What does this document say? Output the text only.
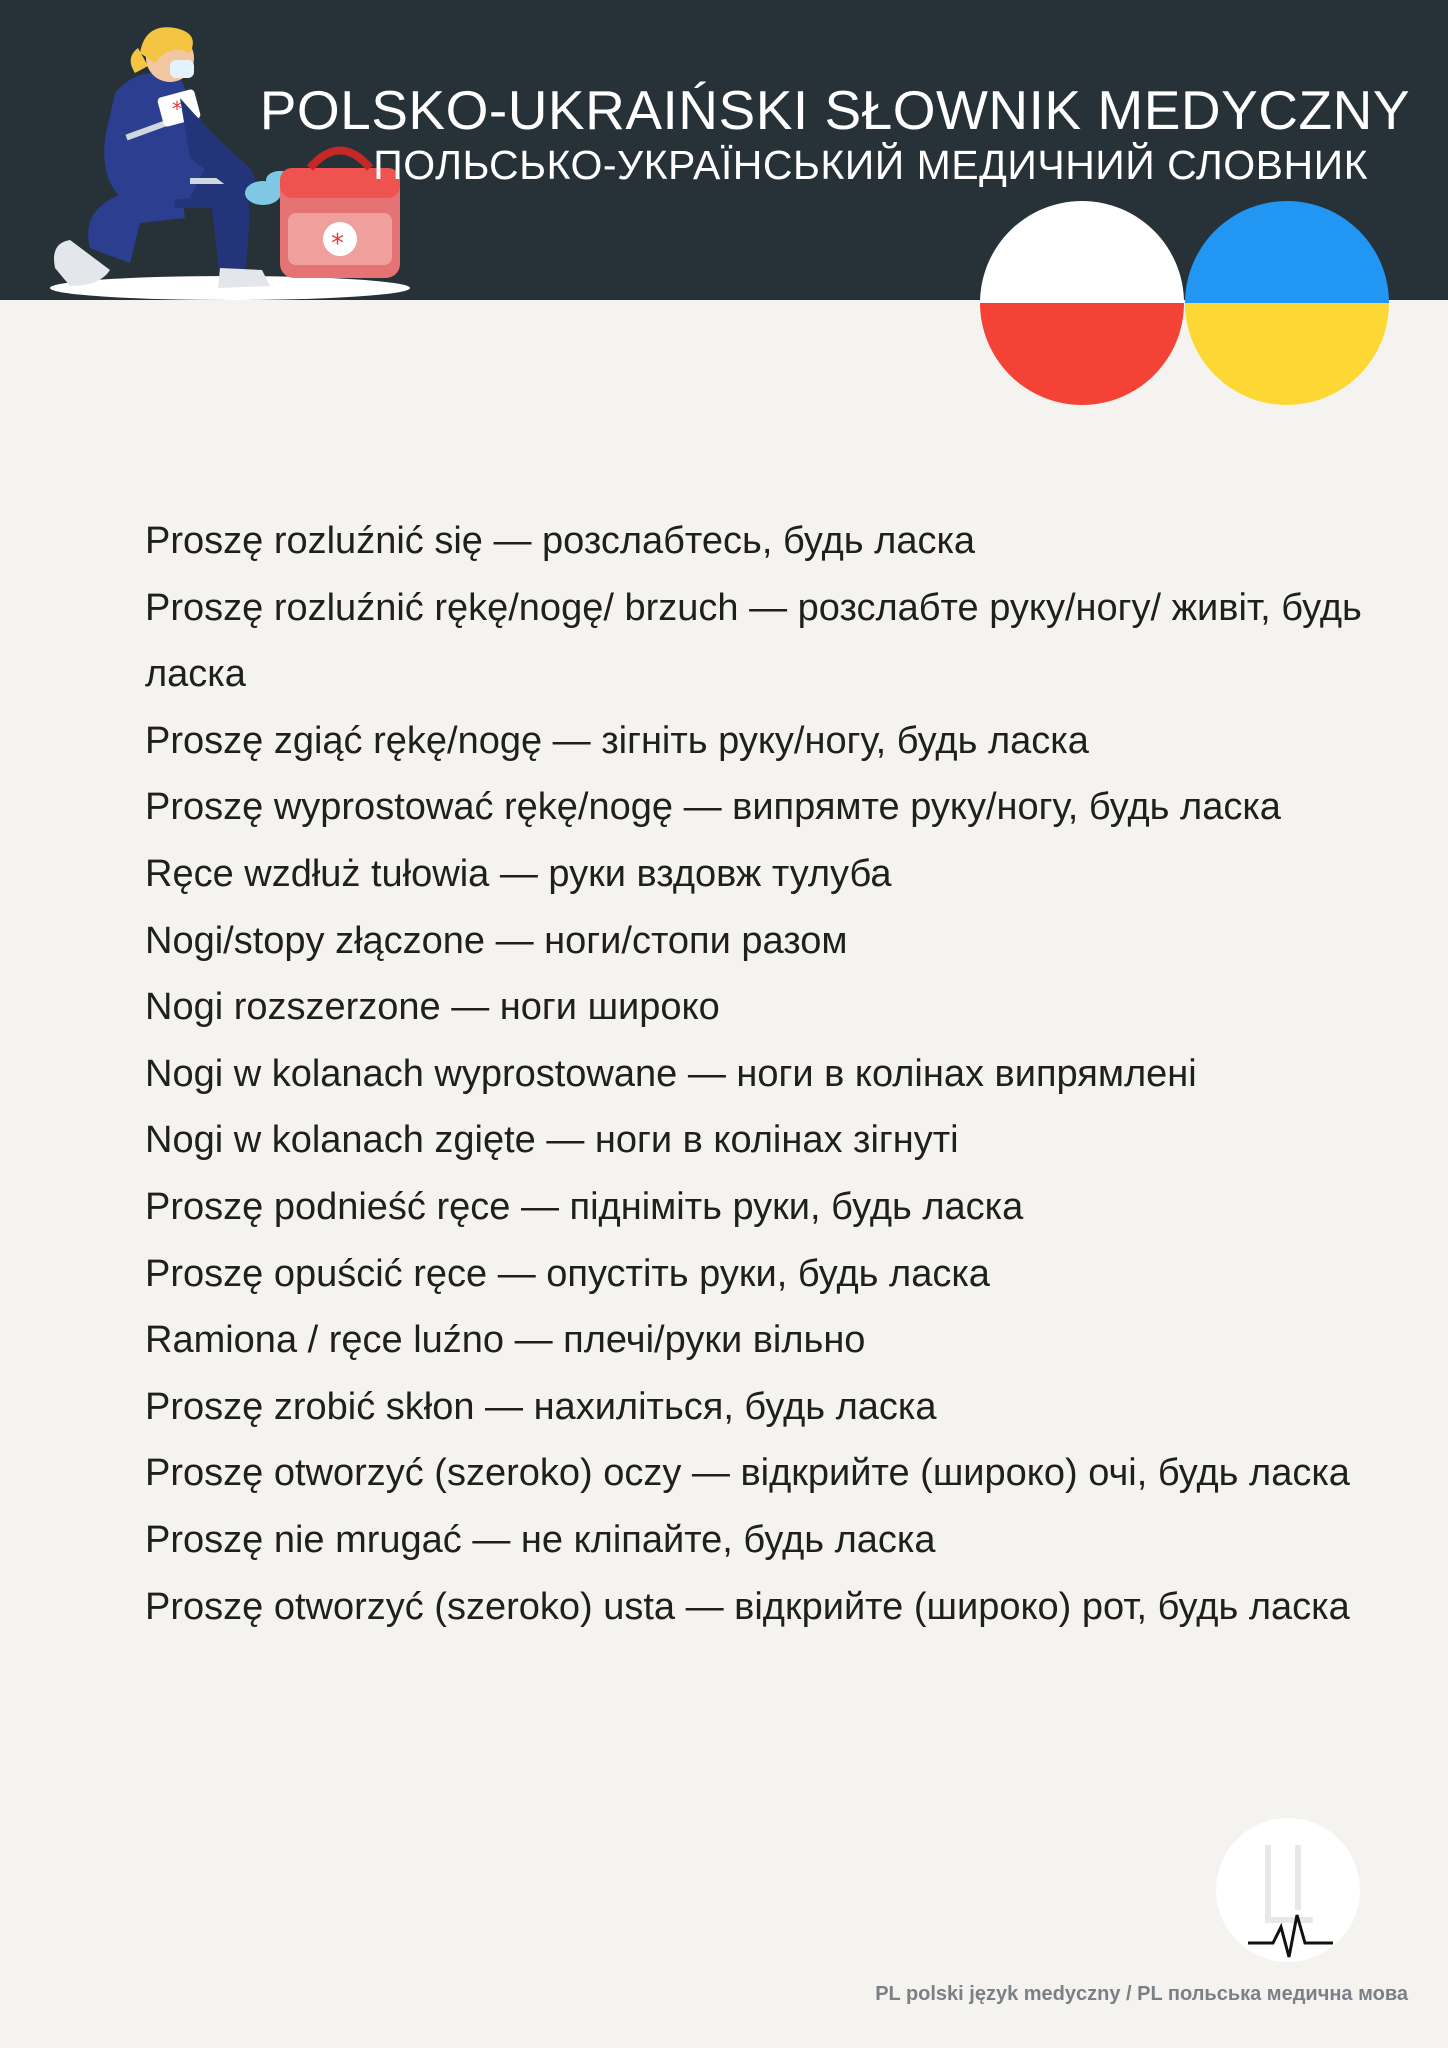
*
*
POLSKO-UKRAIŃSKI SŁOWNIK MEDYCZNY
ПОЛЬСЬКО-УКРАЇНСЬКИЙ МЕДИЧНИЙ СЛОВНИК
Proszę rozluźnić się — розслабтесь, будь ласка
Proszę rozluźnić rękę/nogę/ brzuch — розслабте руку/ногу/ живіт, будь ласка
Proszę zgiąć rękę/nogę — зігніть руку/ногу, будь ласка
Proszę wyprostować rękę/nogę — випрямте руку/ногу, будь ласка
Ręce wzdłuż tułowia — руки вздовж тулуба
Nogi/stopy złączone — ноги/стопи разом
Nogi rozszerzone — ноги широко
Nogi w kolanach wyprostowane — ноги в колінах випрямлені
Nogi w kolanach zgięte — ноги в колінах зігнуті
Proszę podnieść ręce — підніміть руки, будь ласка
Proszę opuścić ręce — опустіть руки, будь ласка
Ramiona / ręce luźno — плечі/руки вільно
Proszę zrobić skłon — нахиліться, будь ласка
Proszę otworzyć (szeroko) oczy — відкрийте (широко) очі, будь ласка
Proszę nie mrugać — не кліпайте, будь ласка
Proszę otworzyć (szeroko) usta — відкрийте (широко) рот, будь ласка
PL polski język medyczny / PL польська медична мова
